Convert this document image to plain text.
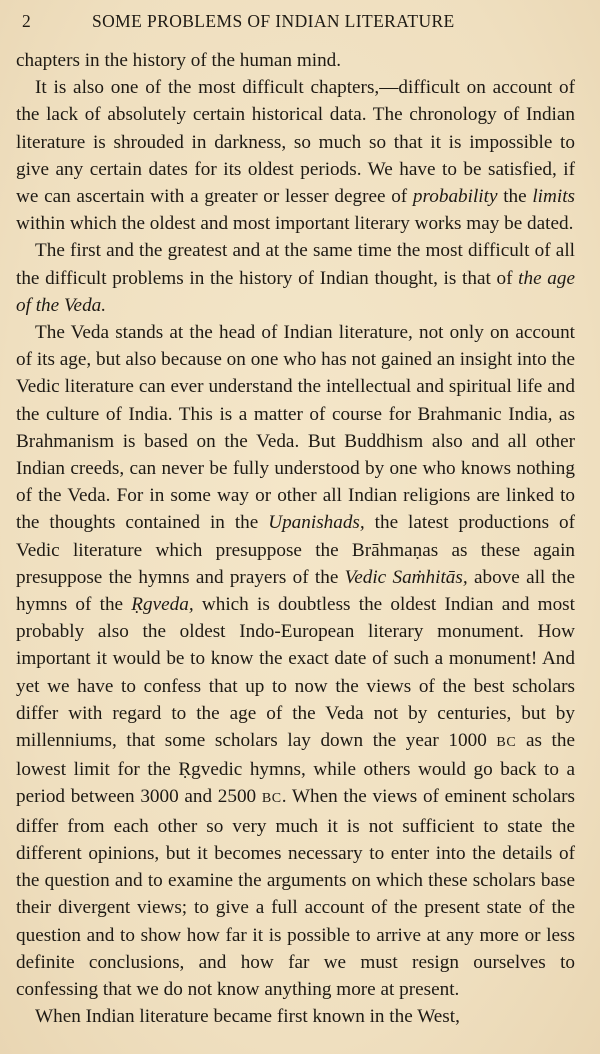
2	SOME PROBLEMS OF INDIAN LITERATURE

chapters in the history of the human mind.

It is also one of the most difficult chapters,—difficult on account of the lack of absolutely certain historical data. The chronology of Indian literature is shrouded in darkness, so much so that it is impossible to give any certain dates for its oldest periods. We have to be satisfied, if we can ascertain with a greater or lesser degree of probability the limits within which the oldest and most important literary works may be dated.

The first and the greatest and at the same time the most difficult of all the difficult problems in the history of Indian thought, is that of the age of the Veda.

The Veda stands at the head of Indian literature, not only on account of its age, but also because on one who has not gained an insight into the Vedic literature can ever understand the intellectual and spiritual life and the culture of India. This is a matter of course for Brahmanic India, as Brahmanism is based on the Veda. But Buddhism also and all other Indian creeds, can never be fully understood by one who knows nothing of the Veda. For in some way or other all Indian religions are linked to the thoughts contained in the Upanishads, the latest productions of Vedic literature which presuppose the Brāhmaṇas as these again presuppose the hymns and prayers of the Vedic Saṁhitās, above all the hymns of the Ṛgveda, which is doubtless the oldest Indian and most probably also the oldest Indo-European literary monument. How important it would be to know the exact date of such a monument! And yet we have to confess that up to now the views of the best scholars differ with regard to the age of the Veda not by centuries, but by millenniums, that some scholars lay down the year 1000 BC as the lowest limit for the Ṛgvedic hymns, while others would go back to a period between 3000 and 2500 BC. When the views of eminent scholars differ from each other so very much it is not sufficient to state the different opinions, but it becomes necessary to enter into the details of the question and to examine the arguments on which these scholars base their divergent views; to give a full account of the present state of the question and to show how far it is possible to arrive at any more or less definite conclusions, and how far we must resign ourselves to confessing that we do not know anything more at present.

When Indian literature became first known in the West,
